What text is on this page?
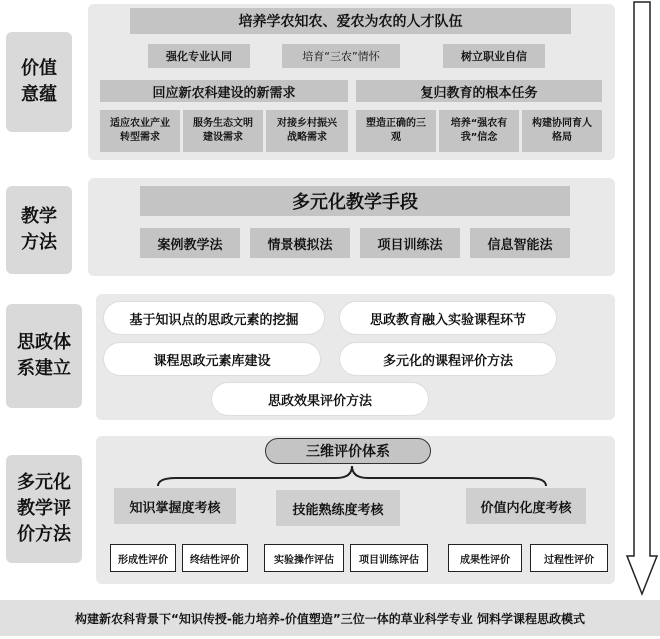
价值
意蕴
培养学农知农、爱农为农的人才队伍
强化专业认同	培育“三农”情怀	树立职业自信
回应新农科建设的新需求	复归教育的根本任务
适应农业产业
转型需求
服务生态文明
建设需求
对接乡村振兴
战略需求
塑造正确的三
观
培养“强农有
我”信念
构建协同育人
格局
教学
方法
多元化教学手段
案例教学法	情景模拟法	项目训练法	信息智能法
思政体
系建立
基于知识点的思政元素的挖掘	思政教育融入实验课程环节
课程思政元素库建设	多元化的课程评价方法
思政效果评价方法
多元化
教学评
价方法
三维评价体系
知识掌握度考核	技能熟练度考核	价值内化度考核
形成性评价	终结性评价	实验操作评估	项目训练评估	成果性评价	过程性评价
构建新农科背景下“知识传授-能力培养-价值塑造”三位一体的草业科学专业 饲料学课程思政模式
